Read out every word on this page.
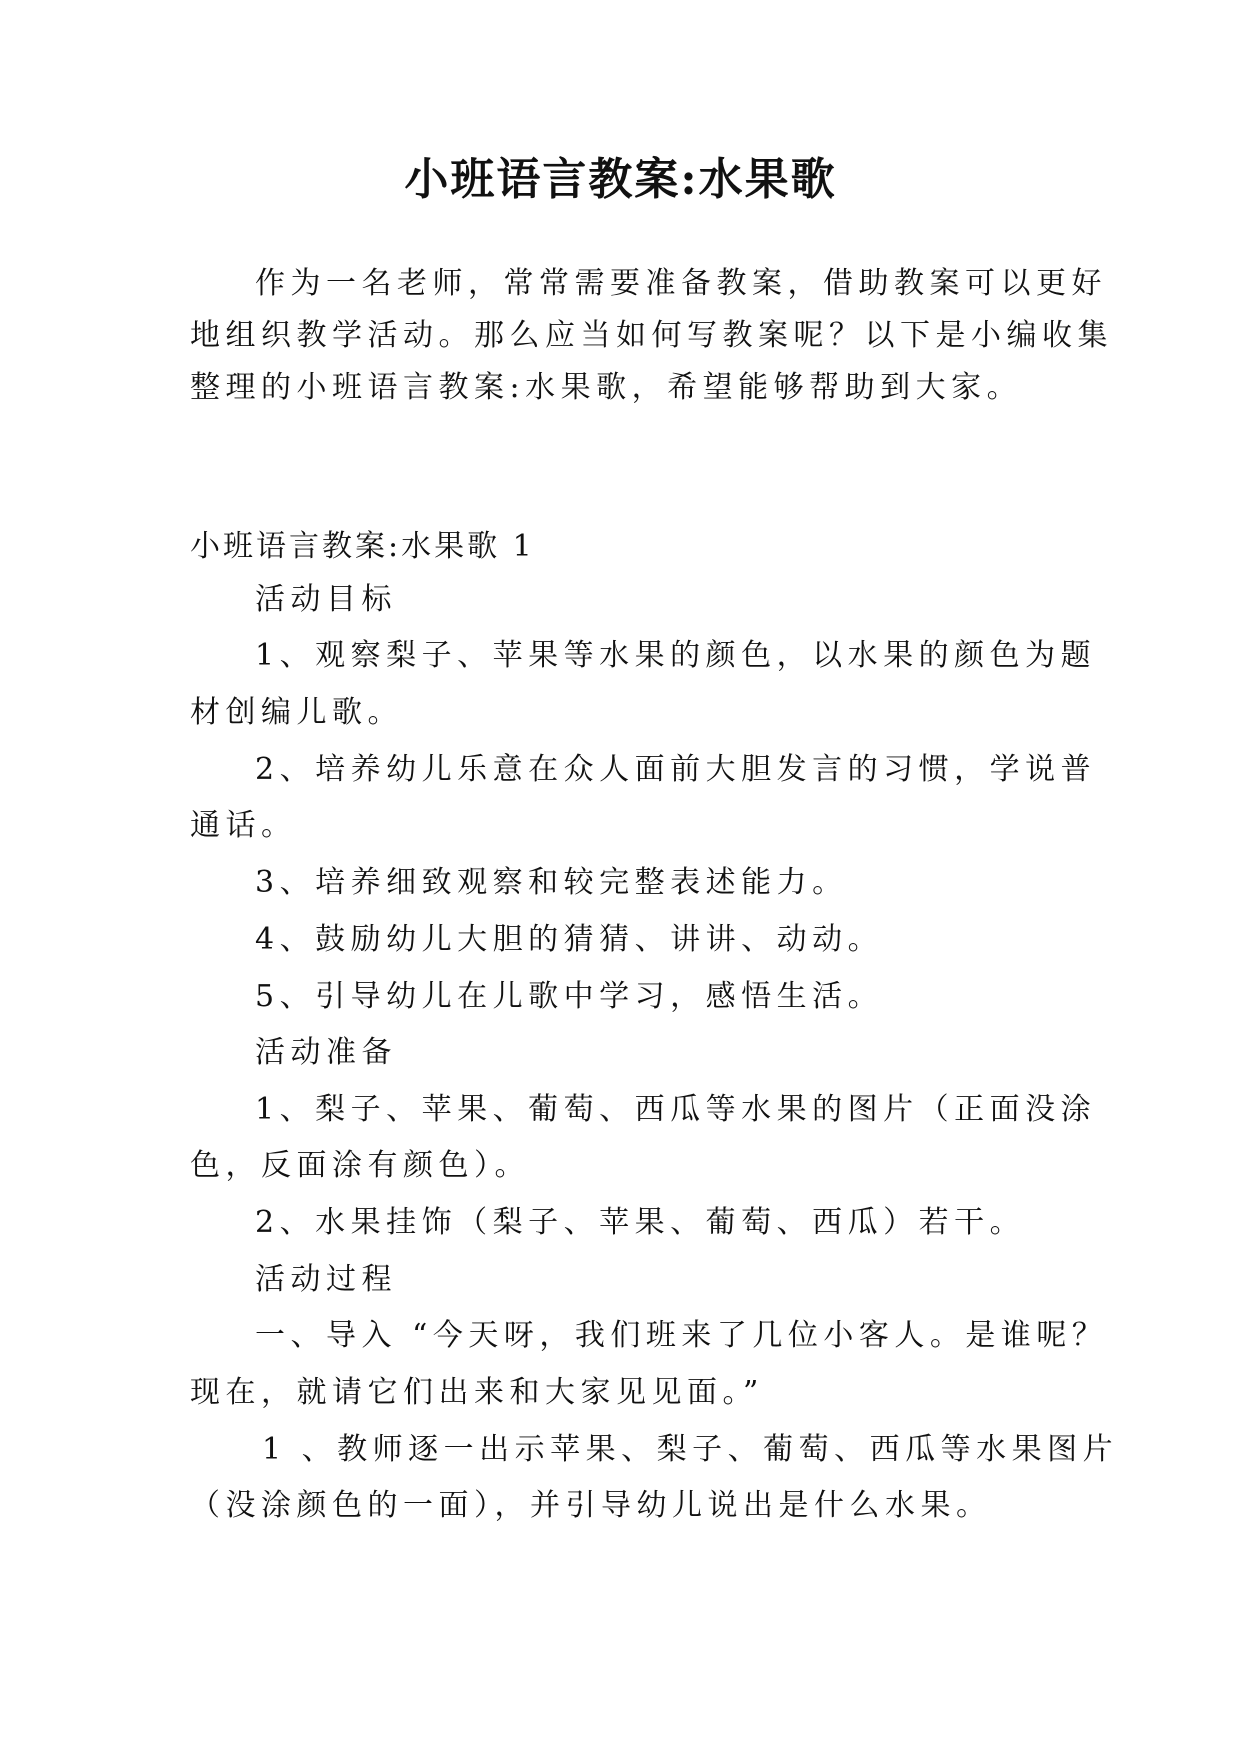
小班语言教案:水果歌
作为一名老师，常常需要准备教案，借助教案可以更好
地组织教学活动。那么应当如何写教案呢？以下是小编收集
整理的小班语言教案:水果歌，希望能够帮助到大家。
小班语言教案:水果歌 1
活动目标
1、观察梨子、苹果等水果的颜色，以水果的颜色为题
材创编儿歌。
2、培养幼儿乐意在众人面前大胆发言的习惯，学说普
通话。
3、培养细致观察和较完整表述能力。
4、鼓励幼儿大胆的猜猜、讲讲、动动。
5、引导幼儿在儿歌中学习，感悟生活。
活动准备
1、梨子、苹果、葡萄、西瓜等水果的图片（正面没涂
色，反面涂有颜色）。
2、水果挂饰（梨子、苹果、葡萄、西瓜）若干。
活动过程
一、导入 “今天呀，我们班来了几位小客人。是谁呢？
现在，就请它们出来和大家见见面。”
1 、教师逐一出示苹果、梨子、葡萄、西瓜等水果图片
（没涂颜色的一面），并引导幼儿说出是什么水果。
